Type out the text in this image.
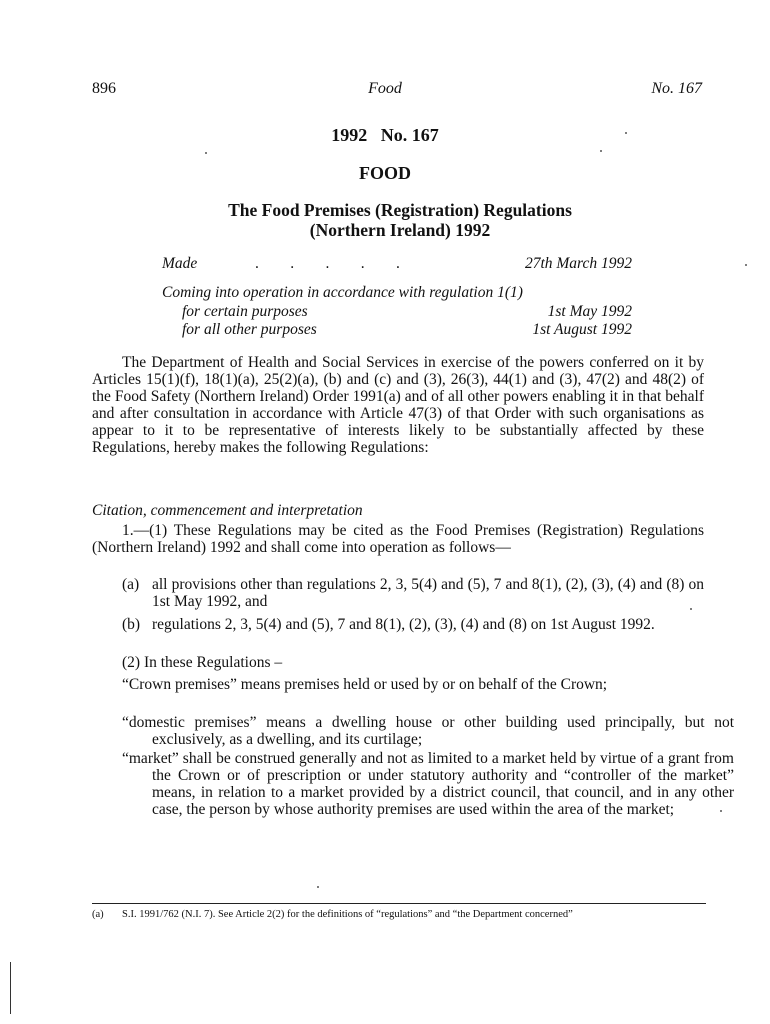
896	Food	No. 167
1992   No. 167
FOOD
The Food Premises (Registration) Regulations
(Northern Ireland) 1992
Made	.     .     .     .     .	27th March 1992
Coming into operation in accordance with regulation 1(1)
for certain purposes	1st May 1992
for all other purposes	1st August 1992
The Department of Health and Social Services in exercise of the powers conferred on it by Articles 15(1)(f), 18(1)(a), 25(2)(a), (b) and (c) and (3), 26(3), 44(1) and (3), 47(2) and 48(2) of the Food Safety (Northern Ireland) Order 1991(a) and of all other powers enabling it in that behalf and after consultation in accordance with Article 47(3) of that Order with such organisations as appear to it to be representative of interests likely to be substantially affected by these Regulations, hereby makes the following Regulations:
Citation, commencement and interpretation
1.—(1) These Regulations may be cited as the Food Premises (Registration) Regulations (Northern Ireland) 1992 and shall come into operation as follows—
(a) all provisions other than regulations 2, 3, 5(4) and (5), 7 and 8(1), (2), (3), (4) and (8) on 1st May 1992, and
(b) regulations 2, 3, 5(4) and (5), 7 and 8(1), (2), (3), (4) and (8) on 1st August 1992.
(2) In these Regulations –
“Crown premises” means premises held or used by or on behalf of the Crown;
“domestic premises” means a dwelling house or other building used principally, but not exclusively, as a dwelling, and its curtilage;
“market” shall be construed generally and not as limited to a market held by virtue of a grant from the Crown or of prescription or under statutory authority and “controller of the market” means, in relation to a market provided by a district council, that council, and in any other case, the person by whose authority premises are used within the area of the market;
(a)	S.I. 1991/762 (N.I. 7). See Article 2(2) for the definitions of “regulations” and “the Department concerned”
